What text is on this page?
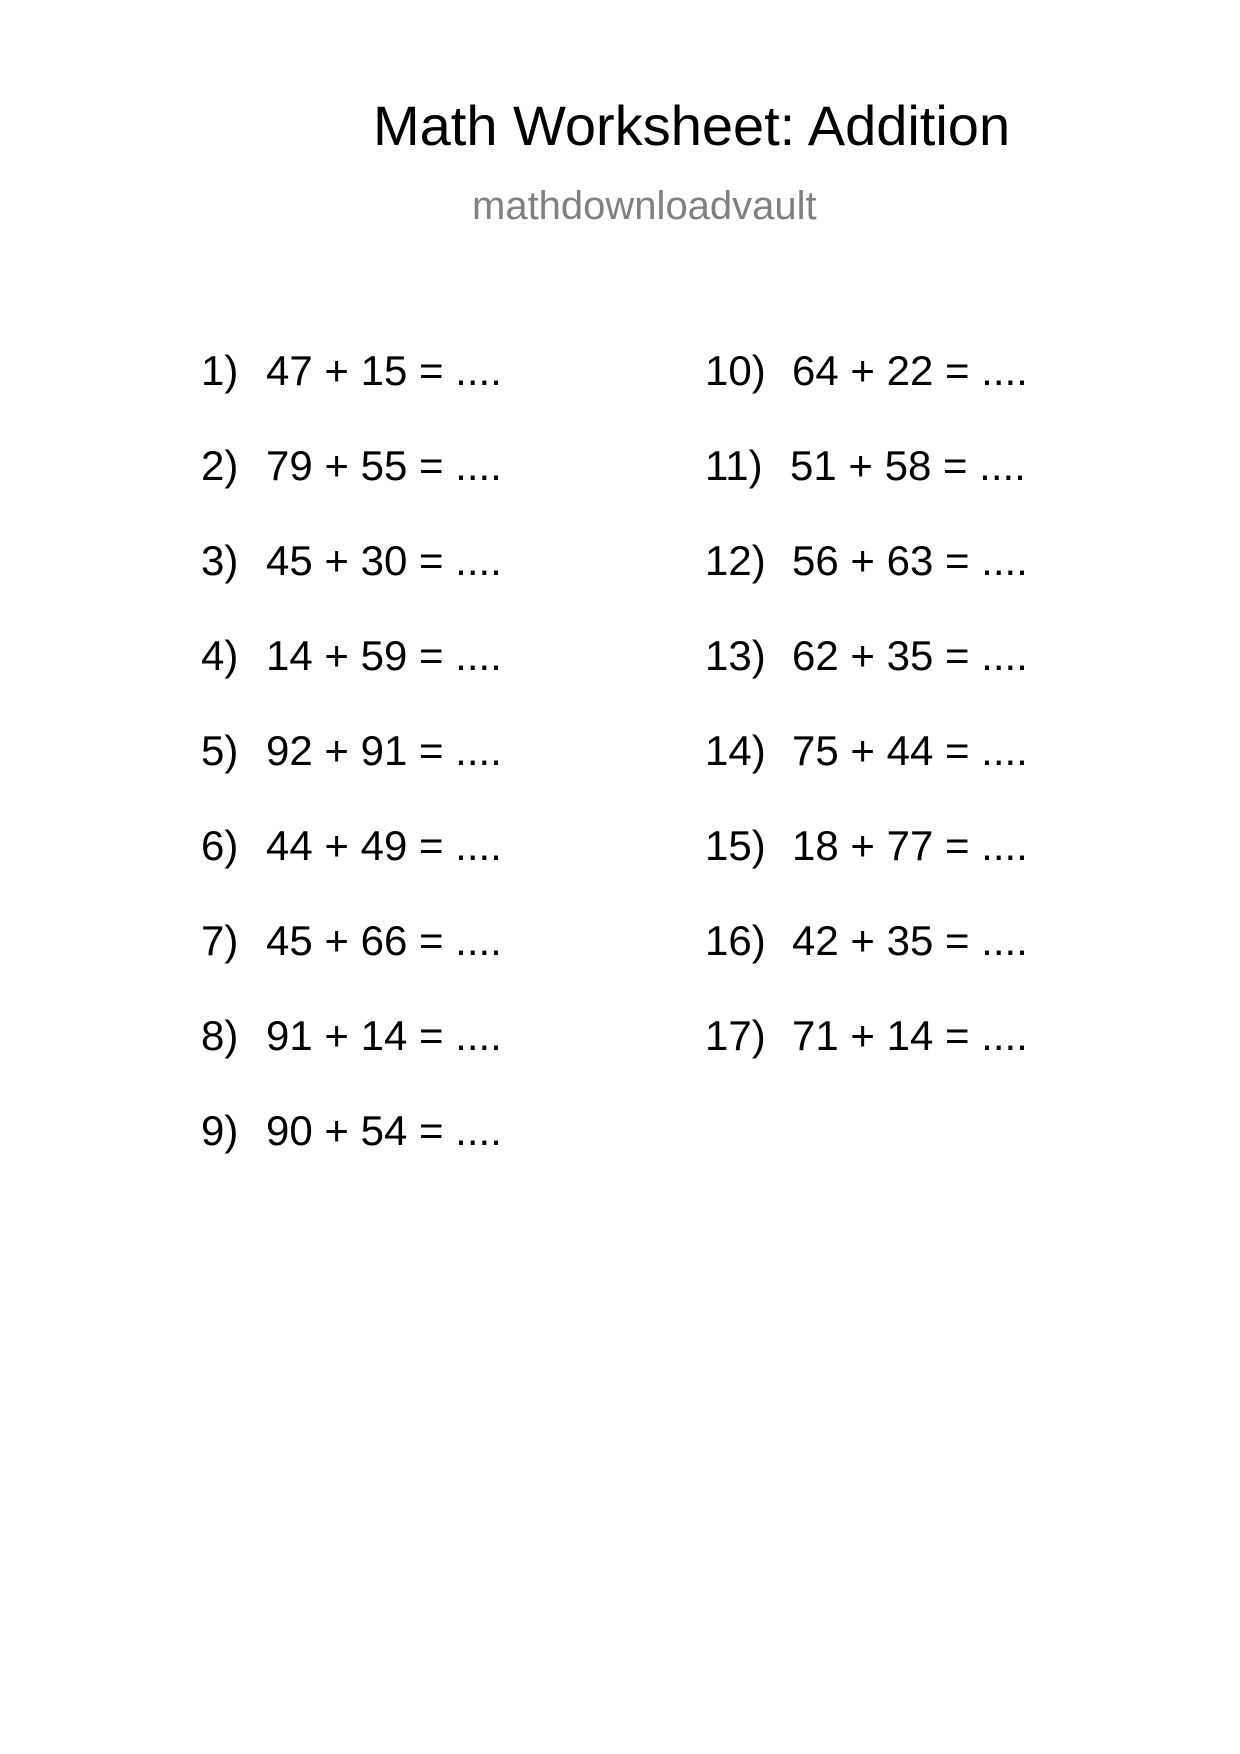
Math Worksheet: Addition
mathdownloadvault
1) 47 + 15 = ....
2) 79 + 55 = ....
3) 45 + 30 = ....
4) 14 + 59 = ....
5) 92 + 91 = ....
6) 44 + 49 = ....
7) 45 + 66 = ....
8) 91 + 14 = ....
9) 90 + 54 = ....
10) 64 + 22 = ....
11) 51 + 58 = ....
12) 56 + 63 = ....
13) 62 + 35 = ....
14) 75 + 44 = ....
15) 18 + 77 = ....
16) 42 + 35 = ....
17) 71 + 14 = ....
